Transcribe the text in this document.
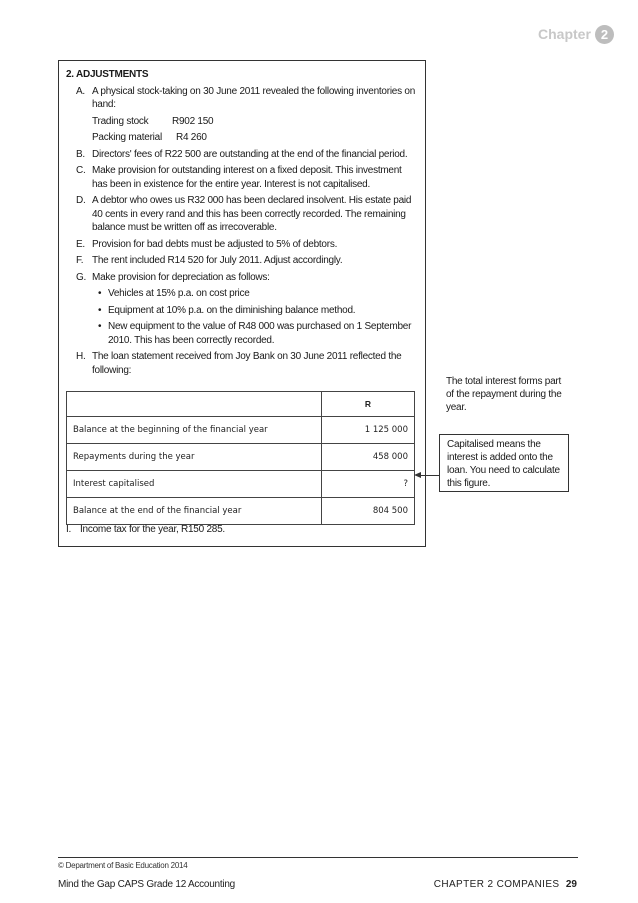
Chapter 2
2. ADJUSTMENTS
A. A physical stock-taking on 30 June 2011 revealed the following inventories on hand:
Trading stock	R902 150
Packing material	R4 260
B. Directors' fees of R22 500 are outstanding at the end of the financial period.
C. Make provision for outstanding interest on a fixed deposit. This investment has been in existence for the entire year. Interest is not capitalised.
D. A debtor who owes us R32 000 has been declared insolvent. His estate paid 40 cents in every rand and this has been correctly recorded. The remaining balance must be written off as irrecoverable.
E. Provision for bad debts must be adjusted to 5% of debtors.
F. The rent included R14 520 for July 2011. Adjust accordingly.
G. Make provision for depreciation as follows:
• Vehicles at 15% p.a. on cost price
• Equipment at 10% p.a. on the diminishing balance method.
• New equipment to the value of R48 000 was purchased on 1 September 2010. This has been correctly recorded.
H. The loan statement received from Joy Bank on 30 June 2011 reflected the following:
	R
Balance at the beginning of the financial year	1 125 000
Repayments during the year	458 000
Interest capitalised	?
Balance at the end of the financial year	804 500
I. Income tax for the year, R150 285.
The total interest forms part of the repayment during the year.
Capitalised means the interest is added onto the loan. You need to calculate this figure.
© Department of Basic Education 2014
Mind the Gap CAPS Grade 12 Accounting	CHAPTER 2 COMPANIES 29
